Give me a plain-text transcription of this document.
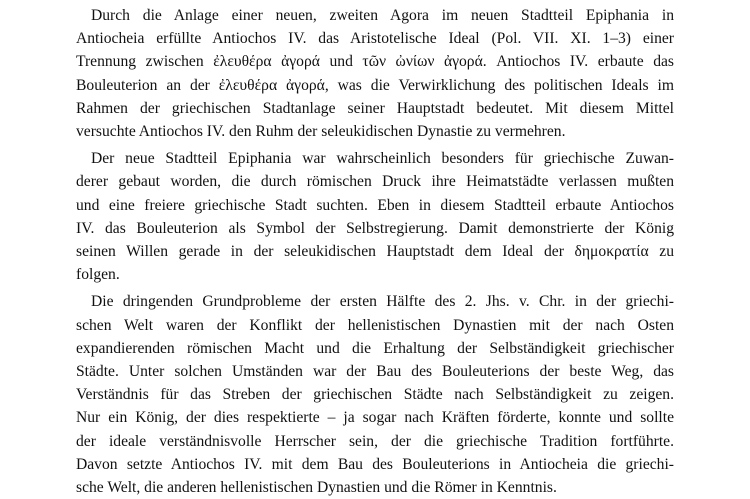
Durch die Anlage einer neuen, zweiten Agora im neuen Stadtteil Epiphania in
Antiocheia erfüllte Antiochos IV. das Aristotelische Ideal (Pol. VII. XI. 1–3) einer
Trennung zwischen ἐλευθέρα ἀγορά und τῶν ὠνίων ἀγορά. Antiochos IV. erbaute das
Bouleuterion an der ἐλευθέρα ἀγορά, was die Verwirklichung des politischen Ideals im
Rahmen der griechischen Stadtanlage seiner Hauptstadt bedeutet. Mit diesem Mittel
versuchte Antiochos IV. den Ruhm der seleukidischen Dynastie zu vermehren.

Der neue Stadtteil Epiphania war wahrscheinlich besonders für griechische Zuwan-
derer gebaut worden, die durch römischen Druck ihre Heimatstädte verlassen mußten
und eine freiere griechische Stadt suchten. Eben in diesem Stadtteil erbaute Antiochos
IV. das Bouleuterion als Symbol der Selbstregierung. Damit demonstrierte der König
seinen Willen gerade in der seleukidischen Hauptstadt dem Ideal der δημοκρατία zu
folgen.

Die dringenden Grundprobleme der ersten Hälfte des 2. Jhs. v. Chr. in der griechi-
schen Welt waren der Konflikt der hellenistischen Dynastien mit der nach Osten
expandierenden römischen Macht und die Erhaltung der Selbständigkeit griechischer
Städte. Unter solchen Umständen war der Bau des Bouleuterions der beste Weg, das
Verständnis für das Streben der griechischen Städte nach Selbständigkeit zu zeigen.
Nur ein König, der dies respektierte – ja sogar nach Kräften förderte, konnte und sollte
der ideale verständnisvolle Herrscher sein, der die griechische Tradition fortführte.
Davon setzte Antiochos IV. mit dem Bau des Bouleuterions in Antiocheia die griechi-
sche Welt, die anderen hellenistischen Dynastien und die Römer in Kenntnis.
